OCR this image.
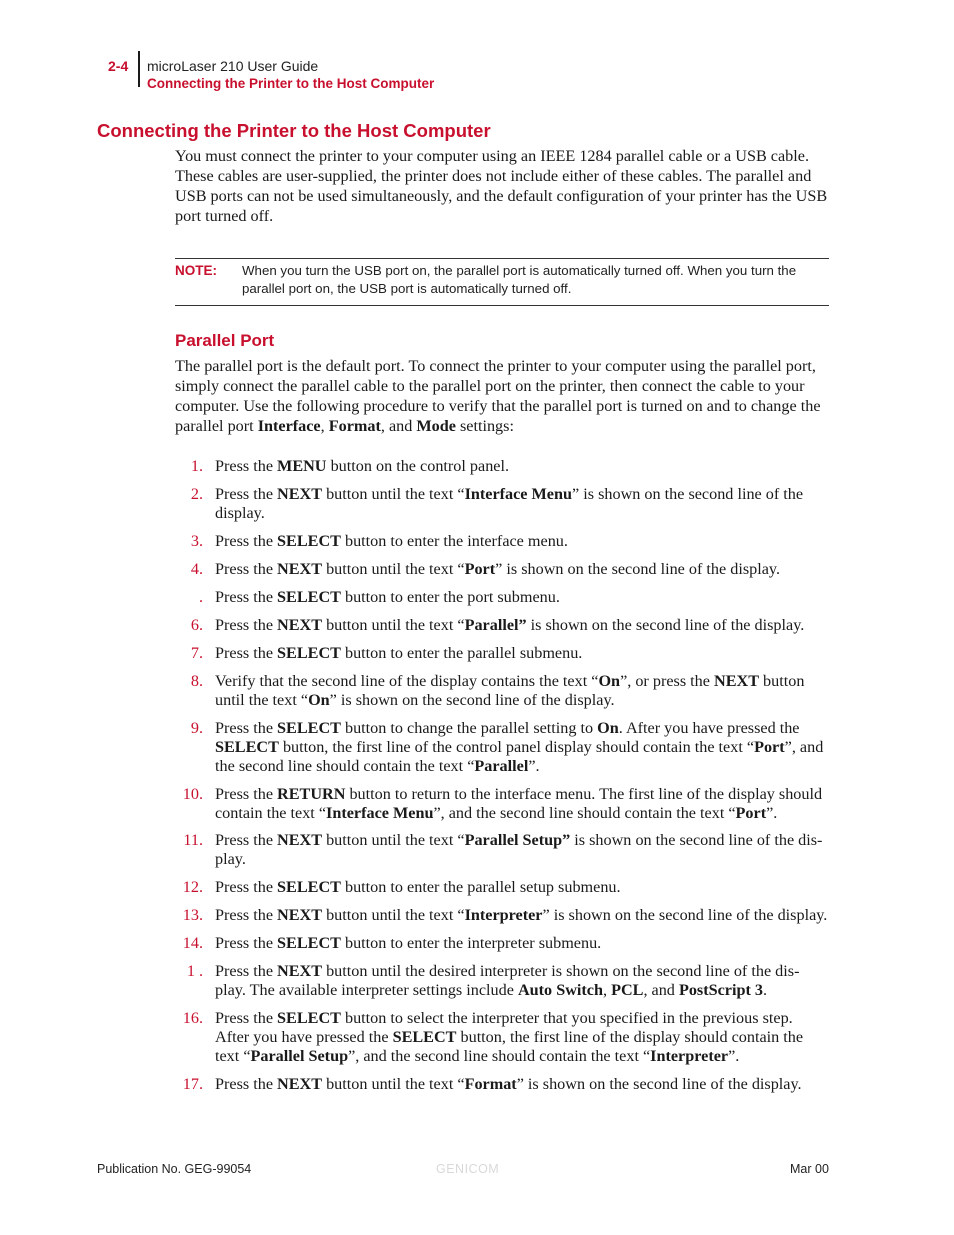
2-4 microLaser 210 User Guide
Connecting the Printer to the Host Computer
Connecting the Printer to the Host Computer

You must connect the printer to your computer using an IEEE 1284 parallel cable or a USB cable. These cables are user-supplied, the printer does not include either of these cables. The parallel and USB ports can not be used simultaneously, and the default configuration of your printer has the USB port turned off.

NOTE: When you turn the USB port on, the parallel port is automatically turned off. When you turn the parallel port on, the USB port is automatically turned off.
Parallel Port

The parallel port is the default port. To connect the printer to your computer using the parallel port, simply connect the parallel cable to the parallel port on the printer, then connect the cable to your computer. Use the following procedure to verify that the parallel port is turned on and to change the parallel port Interface, Format, and Mode settings:

1. Press the MENU button on the control panel.
2. Press the NEXT button until the text “Interface Menu” is shown on the second line of the display.
3. Press the SELECT button to enter the interface menu.
4. Press the NEXT button until the text “Port” is shown on the second line of the display.
. Press the SELECT button to enter the port submenu.
6. Press the NEXT button until the text “Parallel” is shown on the second line of the display.
7. Press the SELECT button to enter the parallel submenu.
8. Verify that the second line of the display contains the text “On”, or press the NEXT button until the text “On” is shown on the second line of the display.
9. Press the SELECT button to change the parallel setting to On. After you have pressed the SELECT button, the first line of the control panel display should contain the text “Port”, and the second line should contain the text “Parallel”.
10. Press the RETURN button to return to the interface menu. The first line of the display should contain the text “Interface Menu”, and the second line should contain the text “Port”.
11. Press the NEXT button until the text “Parallel Setup” is shown on the second line of the dis-play.
12. Press the SELECT button to enter the parallel setup submenu.
13. Press the NEXT button until the text “Interpreter” is shown on the second line of the display.
14. Press the SELECT button to enter the interpreter submenu.
1 . Press the NEXT button until the desired interpreter is shown on the second line of the dis-play. The available interpreter settings include Auto Switch, PCL, and PostScript 3.
16. Press the SELECT button to select the interpreter that you specified in the previous step. After you have pressed the SELECT button, the first line of the display should contain the text “Parallel Setup”, and the second line should contain the text “Interpreter”.
17. Press the NEXT button until the text “Format” is shown on the second line of the display.
Publication No. GEG-99054	GENICOM	Mar 00
